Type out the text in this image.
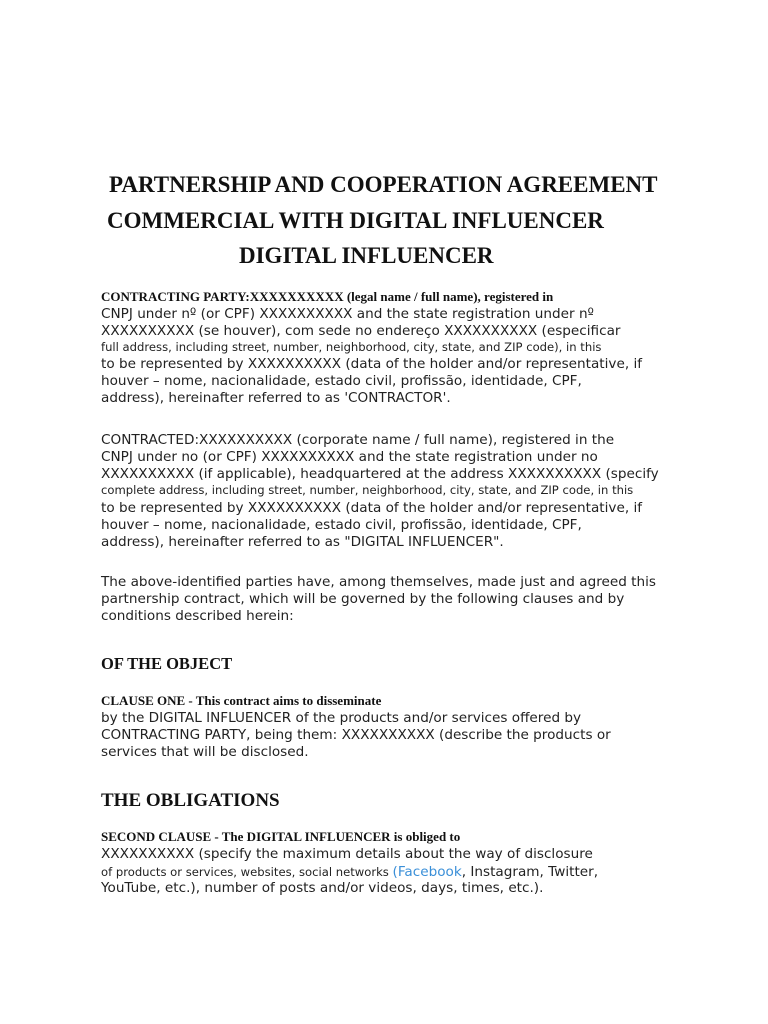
PARTNERSHIP AND COOPERATION AGREEMENT
COMMERCIAL WITH DIGITAL INFLUENCER
DIGITAL INFLUENCER

CONTRACTING PARTY:XXXXXXXXXX (legal name / full name), registered in

CNPJ under nº (or CPF) XXXXXXXXXX and the state registration under nº

XXXXXXXXXX (se houver), com sede no endereço XXXXXXXXXX (especificar

full address, including street, number, neighborhood, city, state, and ZIP code), in this

to be represented by XXXXXXXXXX (data of the holder and/or representative, if

houver – nome, nacionalidade, estado civil, profissão, identidade, CPF,

address), hereinafter referred to as 'CONTRACTOR'.

CONTRACTED:XXXXXXXXXX (corporate name / full name), registered in the

CNPJ under no (or CPF) XXXXXXXXXX and the state registration under no

XXXXXXXXXX (if applicable), headquartered at the address XXXXXXXXXX (specify

complete address, including street, number, neighborhood, city, state, and ZIP code, in this

to be represented by XXXXXXXXXX (data of the holder and/or representative, if

houver – nome, nacionalidade, estado civil, profissão, identidade, CPF,

address), hereinafter referred to as "DIGITAL INFLUENCER".

The above-identified parties have, among themselves, made just and agreed this

partnership contract, which will be governed by the following clauses and by

conditions described herein:

OF THE OBJECT

CLAUSE ONE - This contract aims to disseminate

by the DIGITAL INFLUENCER of the products and/or services offered by

CONTRACTING PARTY, being them: XXXXXXXXXX (describe the products or

services that will be disclosed.

THE OBLIGATIONS

SECOND CLAUSE - The DIGITAL INFLUENCER is obliged to

XXXXXXXXXX (specify the maximum details about the way of disclosure

of products or services, websites, social networks (Facebook, Instagram, Twitter,

YouTube, etc.), number of posts and/or videos, days, times, etc.).
